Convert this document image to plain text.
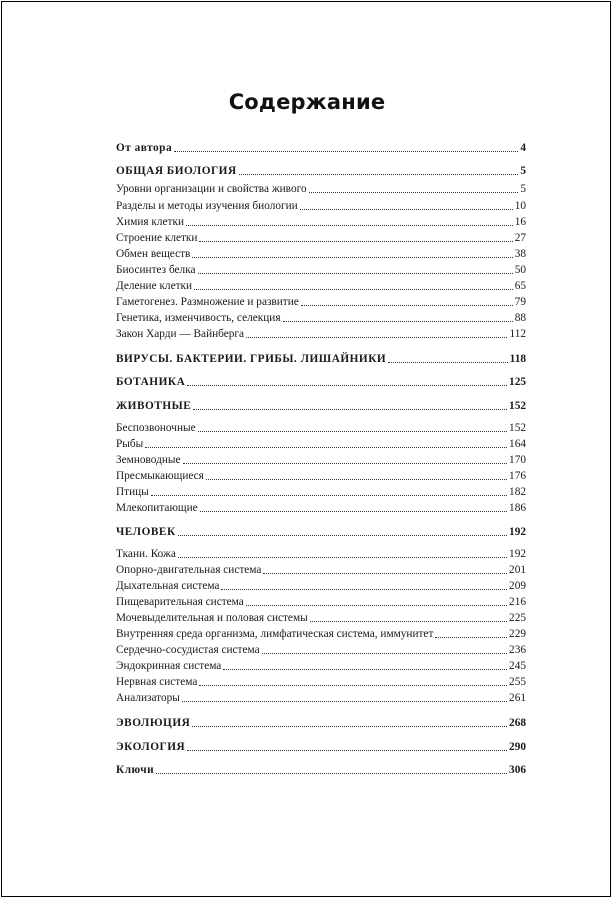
Содержание
От автора	4
ОБЩАЯ БИОЛОГИЯ	5
Уровни организации и свойства живого	5
Разделы и методы изучения биологии	10
Химия клетки	16
Строение клетки	27
Обмен веществ	38
Биосинтез белка	50
Деление клетки	65
Гаметогенез. Размножение и развитие	79
Генетика, изменчивость, селекция	88
Закон Харди — Вайнберга	112
ВИРУСЫ. БАКТЕРИИ. ГРИБЫ. ЛИШАЙНИКИ	118
БОТАНИКА	125
ЖИВОТНЫЕ	152
Беспозвоночные	152
Рыбы	164
Земноводные	170
Пресмыкающиеся	176
Птицы	182
Млекопитающие	186
ЧЕЛОВЕК	192
Ткани. Кожа	192
Опорно-двигательная система	201
Дыхательная система	209
Пищеварительная система	216
Мочевыделительная и половая системы	225
Внутренняя среда организма, лимфатическая система, иммунитет	229
Сердечно-сосудистая система	236
Эндокринная система	245
Нервная система	255
Анализаторы	261
ЭВОЛЮЦИЯ	268
ЭКОЛОГИЯ	290
Ключи	306
